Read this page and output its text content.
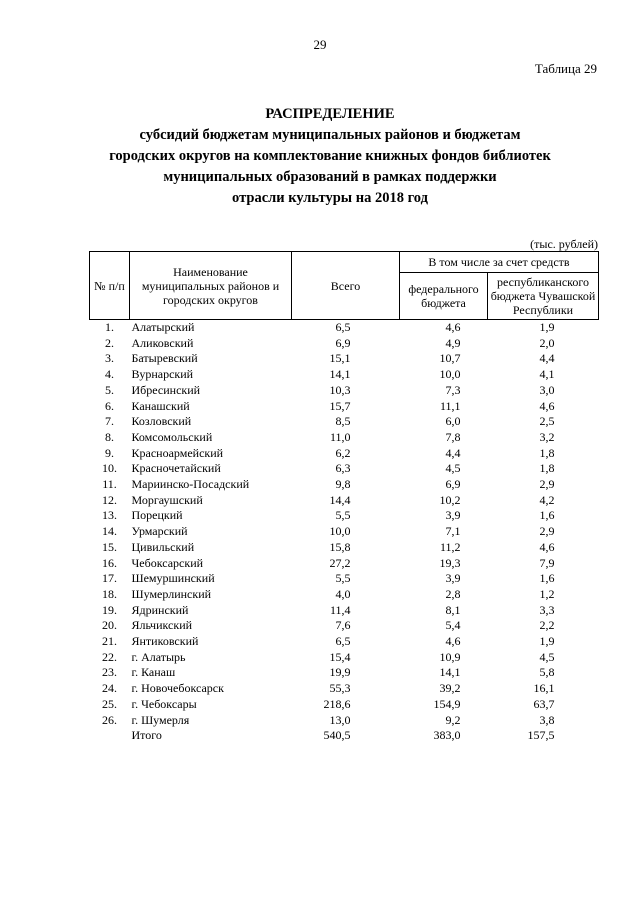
29
Таблица 29
РАСПРЕДЕЛЕНИЕ
субсидий бюджетам муниципальных районов и бюджетам
городских округов на комплектование книжных фондов библиотек
муниципальных образований в рамках поддержки
отрасли культуры на 2018 год
(тыс. рублей)
№ п/п	Наименование муниципальных районов и городских округов	Всего	В том числе за счет средств	
			федерального бюджета	республиканского бюджета Чувашской Республики
1.	Алатырский	6,5	4,6	1,9
2.	Аликовский	6,9	4,9	2,0
3.	Батыревский	15,1	10,7	4,4
4.	Вурнарский	14,1	10,0	4,1
5.	Ибресинский	10,3	7,3	3,0
6.	Канашский	15,7	11,1	4,6
7.	Козловский	8,5	6,0	2,5
8.	Комсомольский	11,0	7,8	3,2
9.	Красноармейский	6,2	4,4	1,8
10.	Красночетайский	6,3	4,5	1,8
11.	Мариинско-Посадский	9,8	6,9	2,9
12.	Моргаушский	14,4	10,2	4,2
13.	Порецкий	5,5	3,9	1,6
14.	Урмарский	10,0	7,1	2,9
15.	Цивильский	15,8	11,2	4,6
16.	Чебоксарский	27,2	19,3	7,9
17.	Шемуршинский	5,5	3,9	1,6
18.	Шумерлинский	4,0	2,8	1,2
19.	Ядринский	11,4	8,1	3,3
20.	Яльчикский	7,6	5,4	2,2
21.	Янтиковский	6,5	4,6	1,9
22.	г. Алатырь	15,4	10,9	4,5
23.	г. Канаш	19,9	14,1	5,8
24.	г. Новочебоксарск	55,3	39,2	16,1
25.	г. Чебоксары	218,6	154,9	63,7
26.	г. Шумерля	13,0	9,2	3,8
	Итого	540,5	383,0	157,5
